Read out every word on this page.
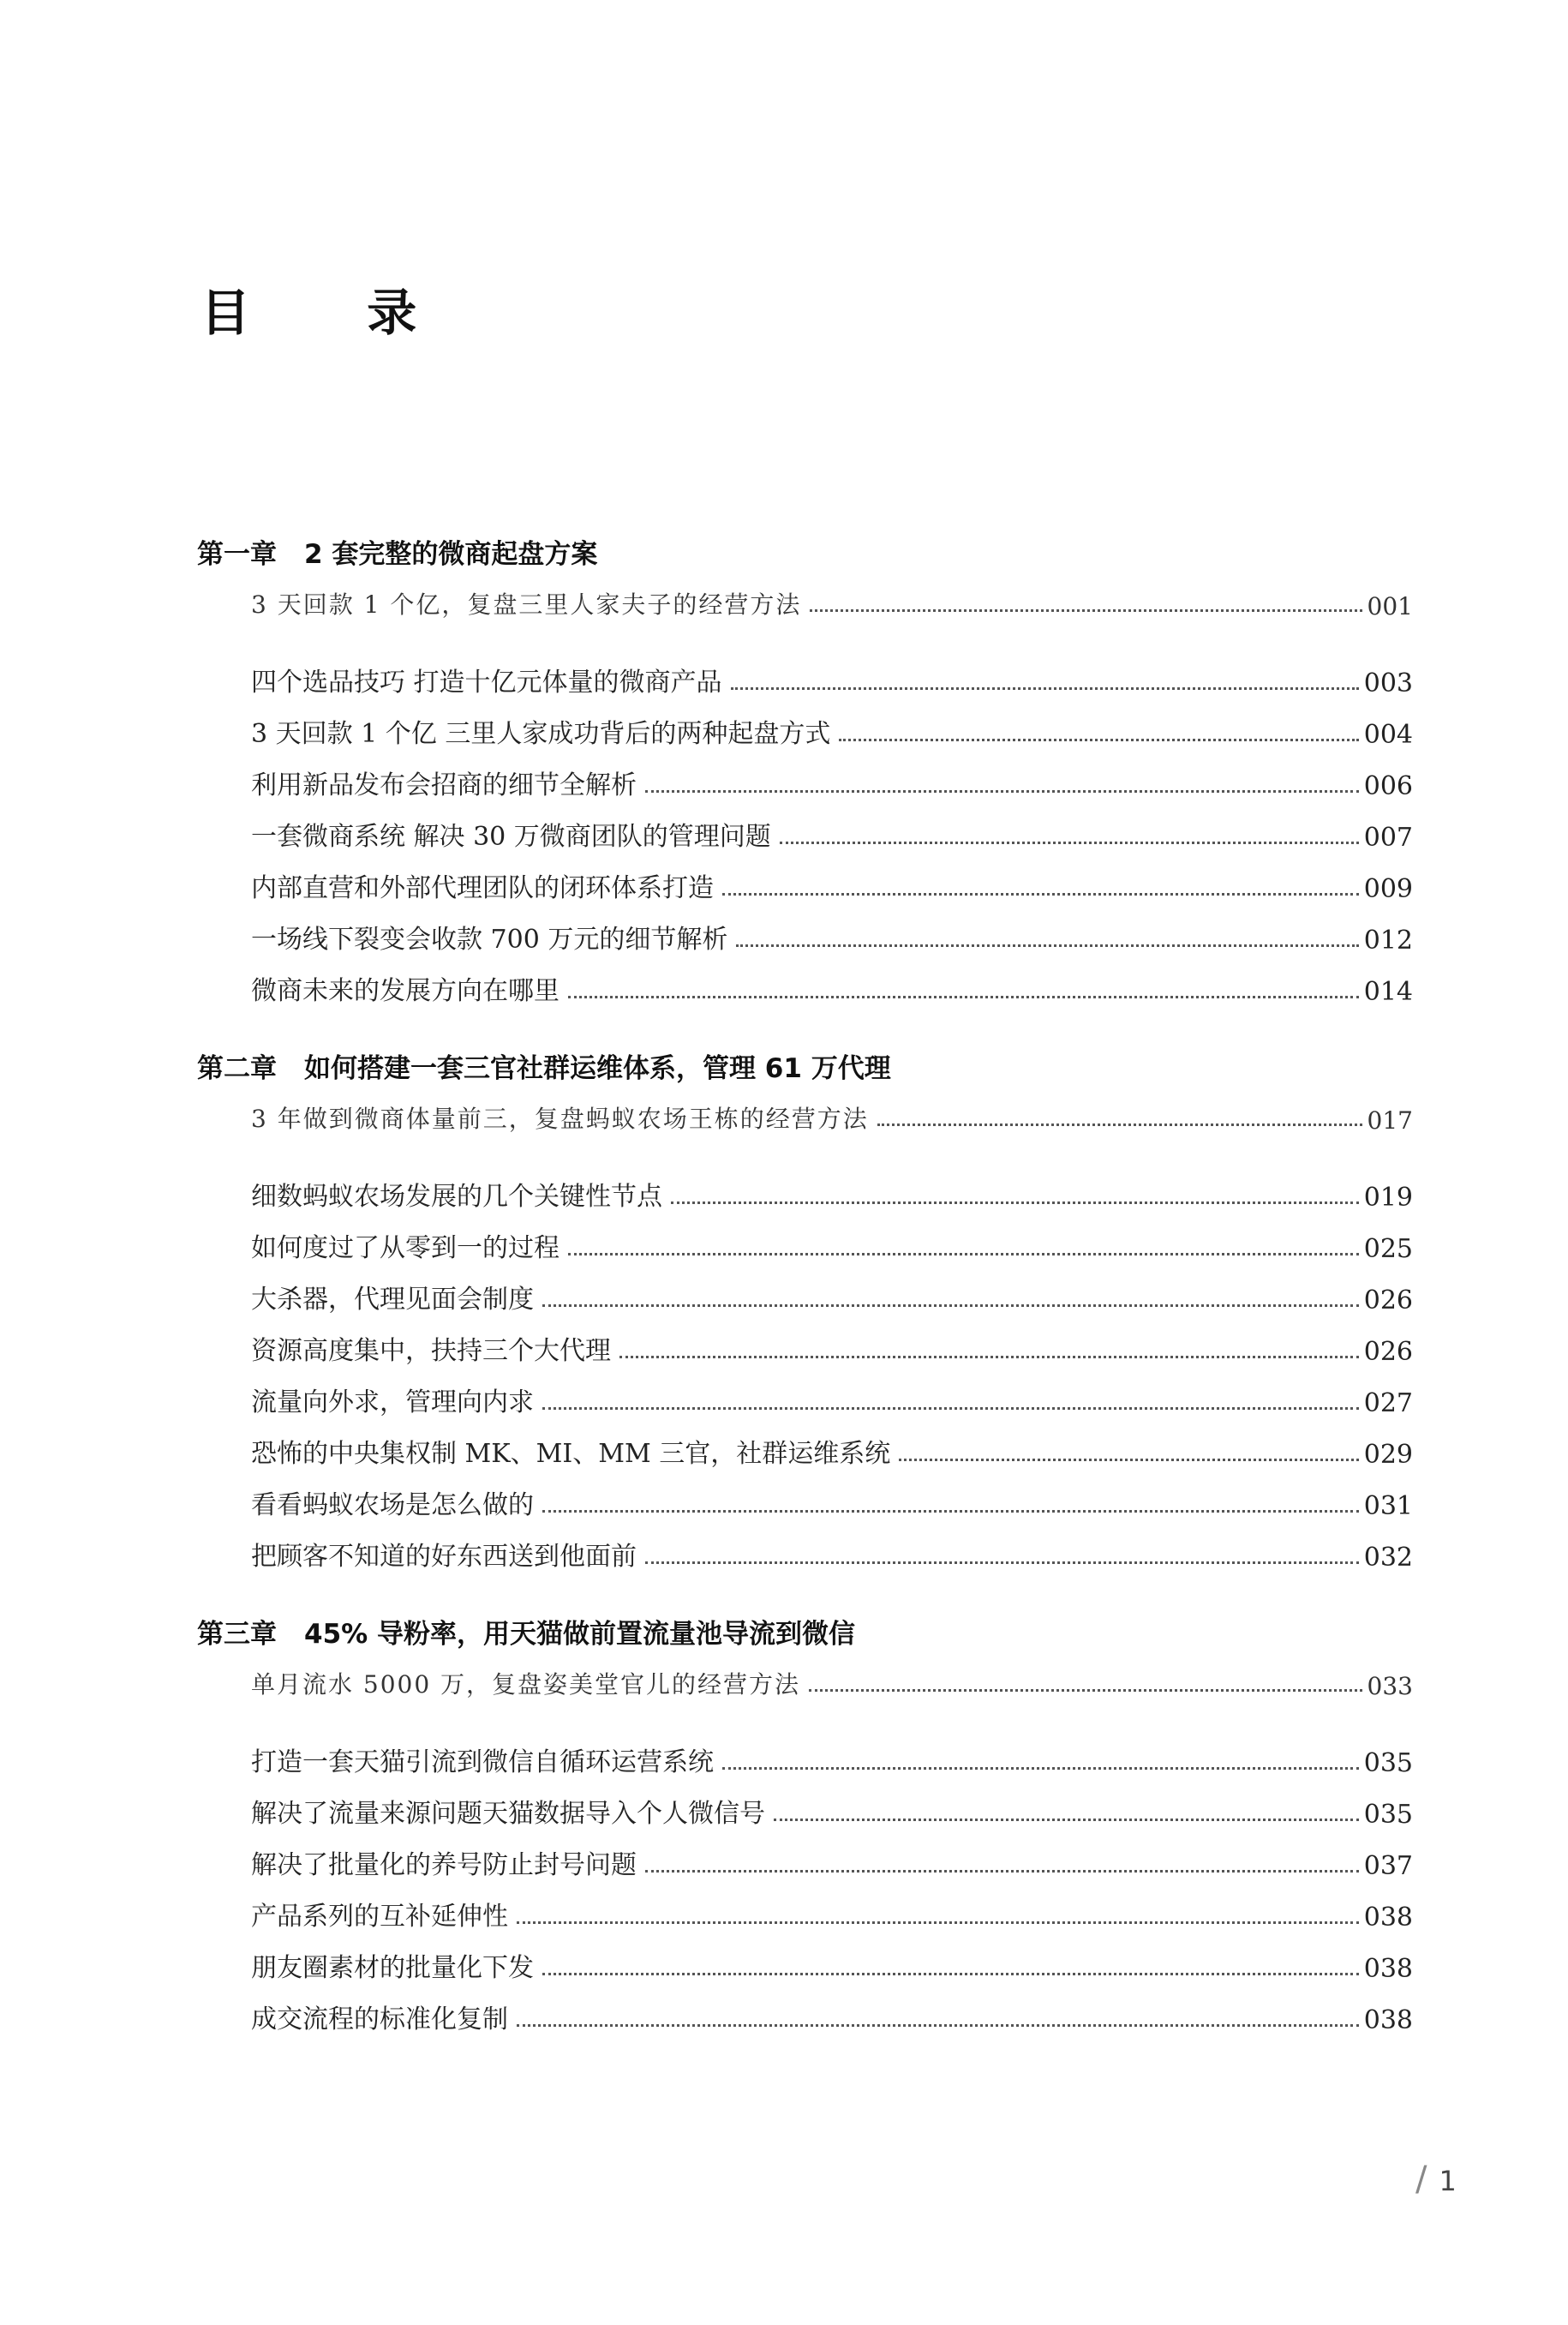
目 录
第一章 2 套完整的微商起盘方案
3 天回款 1 个亿，复盘三里人家夫子的经营方法	001
四个选品技巧 打造十亿元体量的微商产品	003
3 天回款 1 个亿 三里人家成功背后的两种起盘方式	004
利用新品发布会招商的细节全解析	006
一套微商系统 解决 30 万微商团队的管理问题	007
内部直营和外部代理团队的闭环体系打造	009
一场线下裂变会收款 700 万元的细节解析	012
微商未来的发展方向在哪里	014
第二章 如何搭建一套三官社群运维体系，管理 61 万代理
3 年做到微商体量前三，复盘蚂蚁农场王栋的经营方法	017
细数蚂蚁农场发展的几个关键性节点	019
如何度过了从零到一的过程	025
大杀器，代理见面会制度	026
资源高度集中，扶持三个大代理	026
流量向外求，管理向内求	027
恐怖的中央集权制 MK、MI、MM 三官，社群运维系统	029
看看蚂蚁农场是怎么做的	031
把顾客不知道的好东西送到他面前	032
第三章 45% 导粉率，用天猫做前置流量池导流到微信
单月流水 5000 万，复盘姿美堂官儿的经营方法	033
打造一套天猫引流到微信自循环运营系统	035
解决了流量来源问题天猫数据导入个人微信号	035
解决了批量化的养号防止封号问题	037
产品系列的互补延伸性	038
朋友圈素材的批量化下发	038
成交流程的标准化复制	038
/ 1
